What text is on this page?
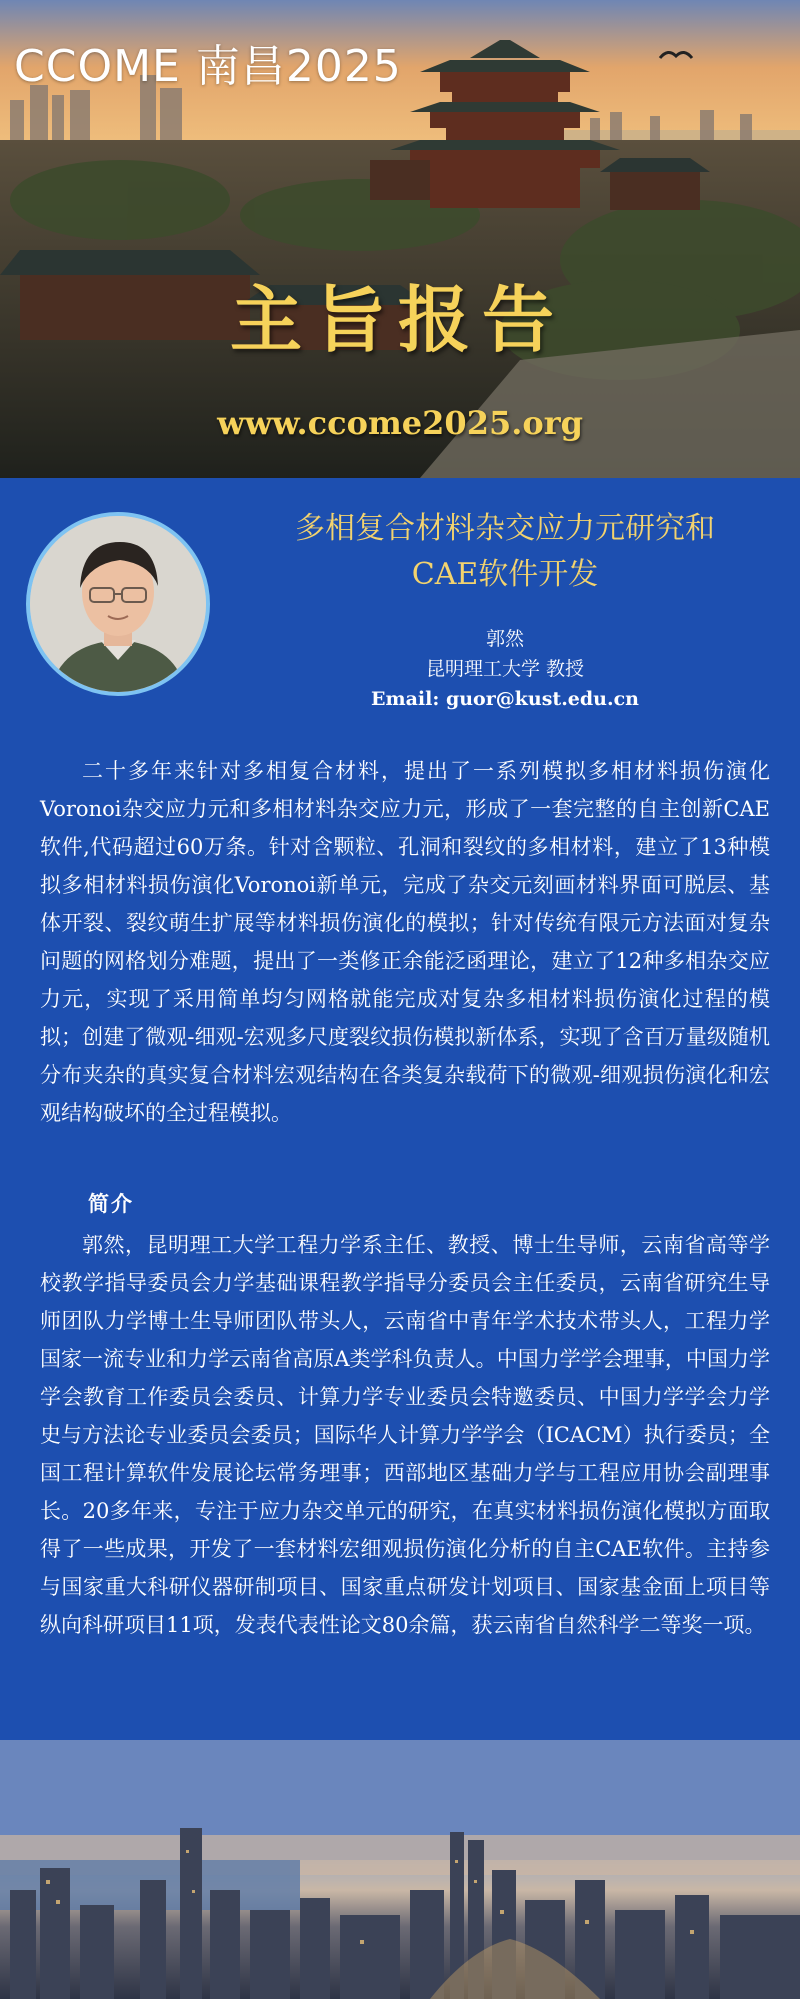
CCOME 南昌2025
主旨报告
www.ccome2025.org
多相复合材料杂交应力元研究和
CAE软件开发
郭然
昆明理工大学 教授
Email: guor@kust.edu.cn

二十多年来针对多相复合材料，提出了一系列模拟多相材料损伤演化Voronoi杂交应力元和多相材料杂交应力元，形成了一套完整的自主创新CAE软件,代码超过60万条。针对含颗粒、孔洞和裂纹的多相材料，建立了13种模拟多相材料损伤演化Voronoi新单元，完成了杂交元刻画材料界面可脱层、基体开裂、裂纹萌生扩展等材料损伤演化的模拟；针对传统有限元方法面对复杂问题的网格划分难题，提出了一类修正余能泛函理论，建立了12种多相杂交应力元，实现了采用简单均匀网格就能完成对复杂多相材料损伤演化过程的模拟；创建了微观-细观-宏观多尺度裂纹损伤模拟新体系，实现了含百万量级随机分布夹杂的真实复合材料宏观结构在各类复杂载荷下的微观-细观损伤演化和宏观结构破坏的全过程模拟。

简介

郭然，昆明理工大学工程力学系主任、教授、博士生导师，云南省高等学校教学指导委员会力学基础课程教学指导分委员会主任委员，云南省研究生导师团队力学博士生导师团队带头人，云南省中青年学术技术带头人，工程力学国家一流专业和力学云南省高原A类学科负责人。中国力学学会理事，中国力学学会教育工作委员会委员、计算力学专业委员会特邀委员、中国力学学会力学史与方法论专业委员会委员；国际华人计算力学学会（ICACM）执行委员；全国工程计算软件发展论坛常务理事；西部地区基础力学与工程应用协会副理事长。20多年来，专注于应力杂交单元的研究，在真实材料损伤演化模拟方面取得了一些成果，开发了一套材料宏细观损伤演化分析的自主CAE软件。主持参与国家重大科研仪器研制项目、国家重点研发计划项目、国家基金面上项目等纵向科研项目11项，发表代表性论文80余篇，获云南省自然科学二等奖一项。
